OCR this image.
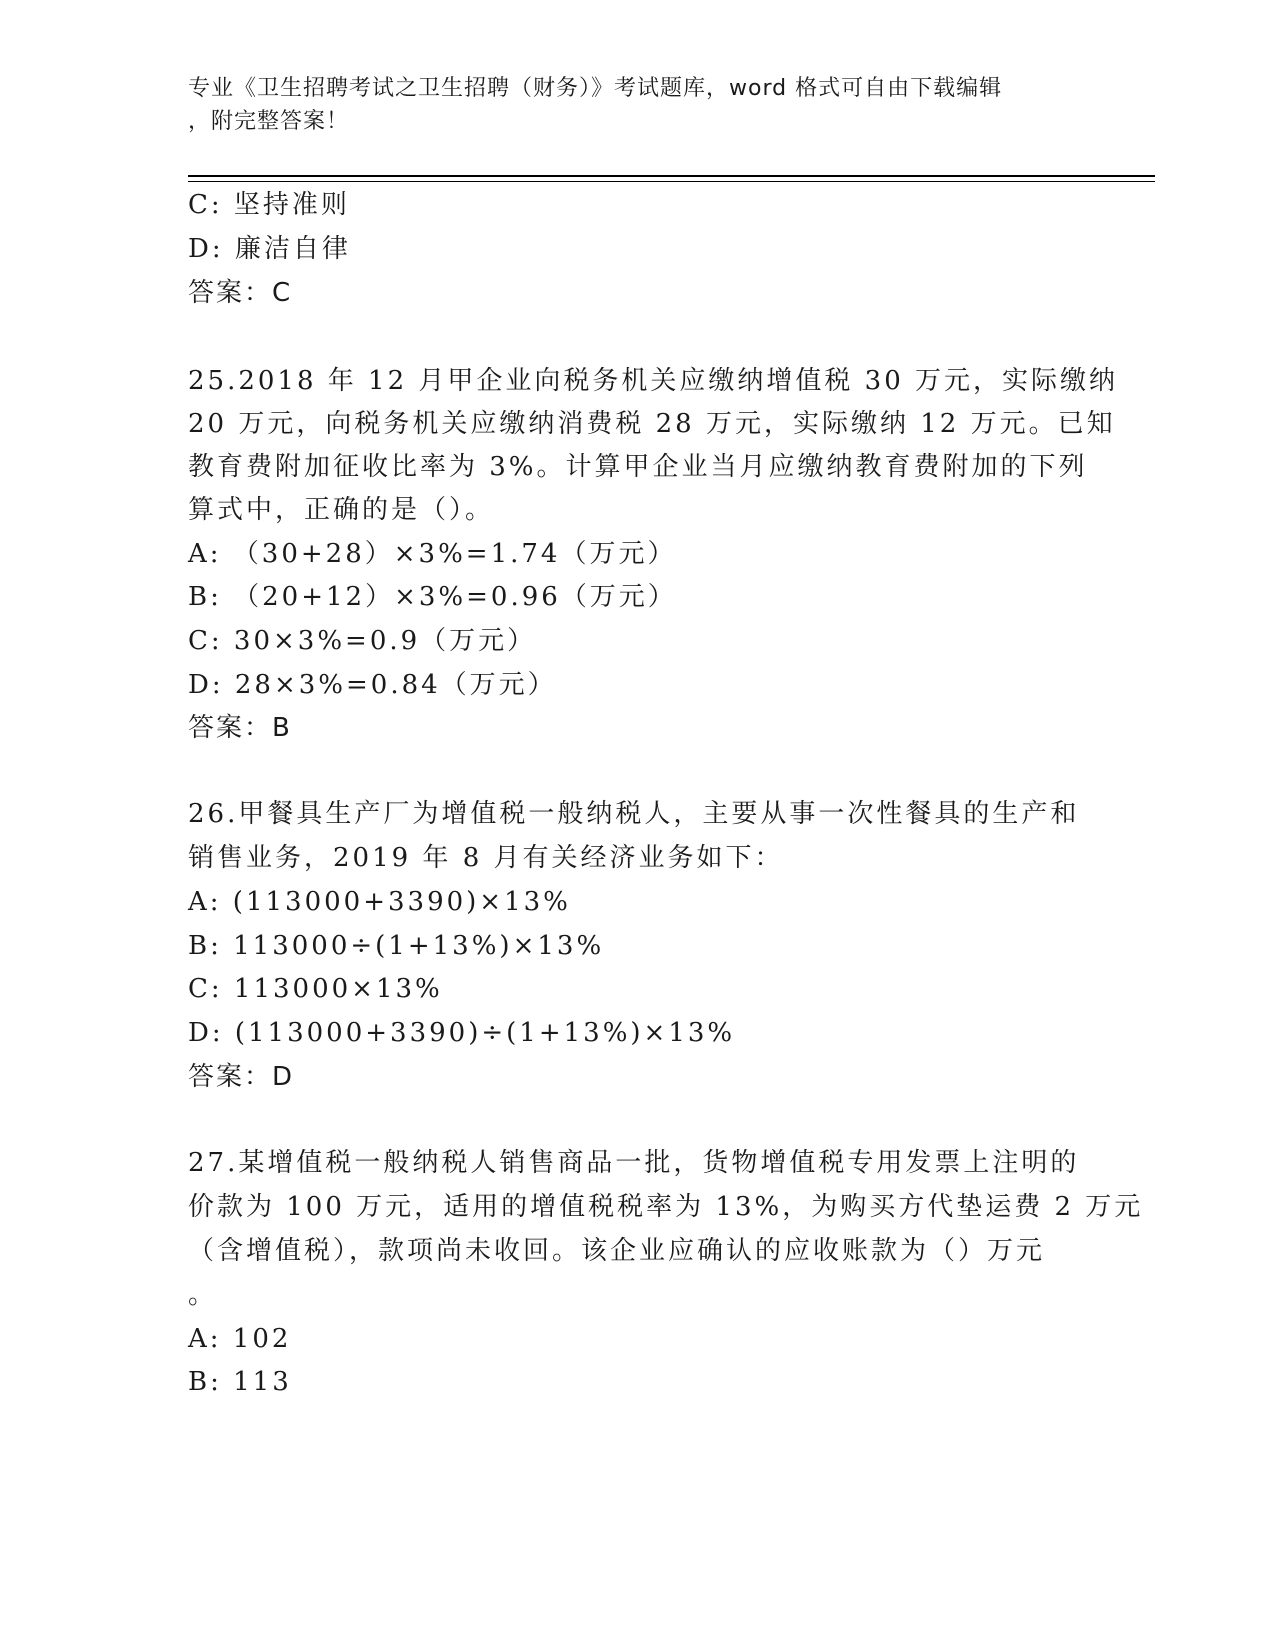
专业《卫生招聘考试之卫生招聘（财务）》考试题库，word 格式可自由下载编辑
，附完整答案！
C: 坚持准则
D: 廉洁自律
答案：C
25.2018 年 12 月甲企业向税务机关应缴纳增值税 30 万元，实际缴纳
20 万元，向税务机关应缴纳消费税 28 万元，实际缴纳 12 万元。已知
教育费附加征收比率为 3%。计算甲企业当月应缴纳教育费附加的下列
算式中，正确的是（）。
A: （30+28）×3%=1.74（万元）
B: （20+12）×3%=0.96（万元）
C: 30×3%=0.9（万元）
D: 28×3%=0.84（万元）
答案：B
26.甲餐具生产厂为增值税一般纳税人，主要从事一次性餐具的生产和
销售业务，2019 年 8 月有关经济业务如下：
A: (113000+3390)×13%
B: 113000÷(1+13%)×13%
C: 113000×13%
D: (113000+3390)÷(1+13%)×13%
答案：D
27.某增值税一般纳税人销售商品一批，货物增值税专用发票上注明的
价款为 100 万元，适用的增值税税率为 13%，为购买方代垫运费 2 万元
（含增值税），款项尚未收回。该企业应确认的应收账款为（）万元
。
A: 102
B: 113
